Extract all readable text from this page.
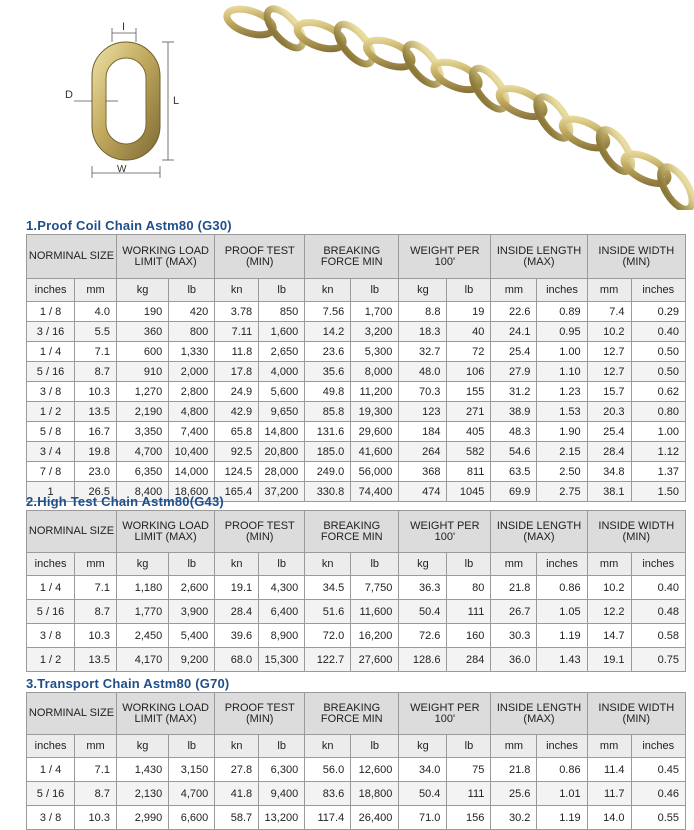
I
D	L
W
1.Proof Coil Chain Astm80 (G30)
NORMINAL SIZE		WORKING LOAD LIMIT (MAX)		PROOF TEST (MIN)		BREAKING FORCE MIN		WEIGHT PER 100'		INSIDE LENGTH (MAX)		INSIDE WIDTH (MIN)	
inches	mm	kg	lb	kn	lb	kn	lb	kg	lb	mm	inches	mm	inches
1 / 8	4.0	190	420	3.78	850	7.56	1,700	8.8	19	22.6	0.89	7.4	0.29
3 / 16	5.5	360	800	7.11	1,600	14.2	3,200	18.3	40	24.1	0.95	10.2	0.40
1 / 4	7.1	600	1,330	11.8	2,650	23.6	5,300	32.7	72	25.4	1.00	12.7	0.50
5 / 16	8.7	910	2,000	17.8	4,000	35.6	8,000	48.0	106	27.9	1.10	12.7	0.50
3 / 8	10.3	1,270	2,800	24.9	5,600	49.8	11,200	70.3	155	31.2	1.23	15.7	0.62
1 / 2	13.5	2,190	4,800	42.9	9,650	85.8	19,300	123	271	38.9	1.53	20.3	0.80
5 / 8	16.7	3,350	7,400	65.8	14,800	131.6	29,600	184	405	48.3	1.90	25.4	1.00
3 / 4	19.8	4,700	10,400	92.5	20,800	185.0	41,600	264	582	54.6	2.15	28.4	1.12
7 / 8	23.0	6,350	14,000	124.5	28,000	249.0	56,000	368	811	63.5	2.50	34.8	1.37
1	26.5	8,400	18,600	165.4	37,200	330.8	74,400	474	1045	69.9	2.75	38.1	1.50
2.High Test Chain Astm80(G43)
NORMINAL SIZE		WORKING LOAD LIMIT (MAX)		PROOF TEST (MIN)		BREAKING FORCE MIN		WEIGHT PER 100'		INSIDE LENGTH (MAX)		INSIDE WIDTH (MIN)	
inches	mm	kg	lb	kn	lb	kn	lb	kg	lb	mm	inches	mm	inches
1 / 4	7.1	1,180	2,600	19.1	4,300	34.5	7,750	36.3	80	21.8	0.86	10.2	0.40
5 / 16	8.7	1,770	3,900	28.4	6,400	51.6	11,600	50.4	111	26.7	1.05	12.2	0.48
3 / 8	10.3	2,450	5,400	39.6	8,900	72.0	16,200	72.6	160	30.3	1.19	14.7	0.58
1 / 2	13.5	4,170	9,200	68.0	15,300	122.7	27,600	128.6	284	36.0	1.43	19.1	0.75
3.Transport Chain Astm80 (G70)
NORMINAL SIZE		WORKING LOAD LIMIT (MAX)		PROOF TEST (MIN)		BREAKING FORCE MIN		WEIGHT PER 100'		INSIDE LENGTH (MAX)		INSIDE WIDTH (MIN)	
inches	mm	kg	lb	kn	lb	kn	lb	kg	lb	mm	inches	mm	inches
1 / 4	7.1	1,430	3,150	27.8	6,300	56.0	12,600	34.0	75	21.8	0.86	11.4	0.45
5 / 16	8.7	2,130	4,700	41.8	9,400	83.6	18,800	50.4	111	25.6	1.01	11.7	0.46
3 / 8	10.3	2,990	6,600	58.7	13,200	117.4	26,400	71.0	156	30.2	1.19	14.0	0.55
